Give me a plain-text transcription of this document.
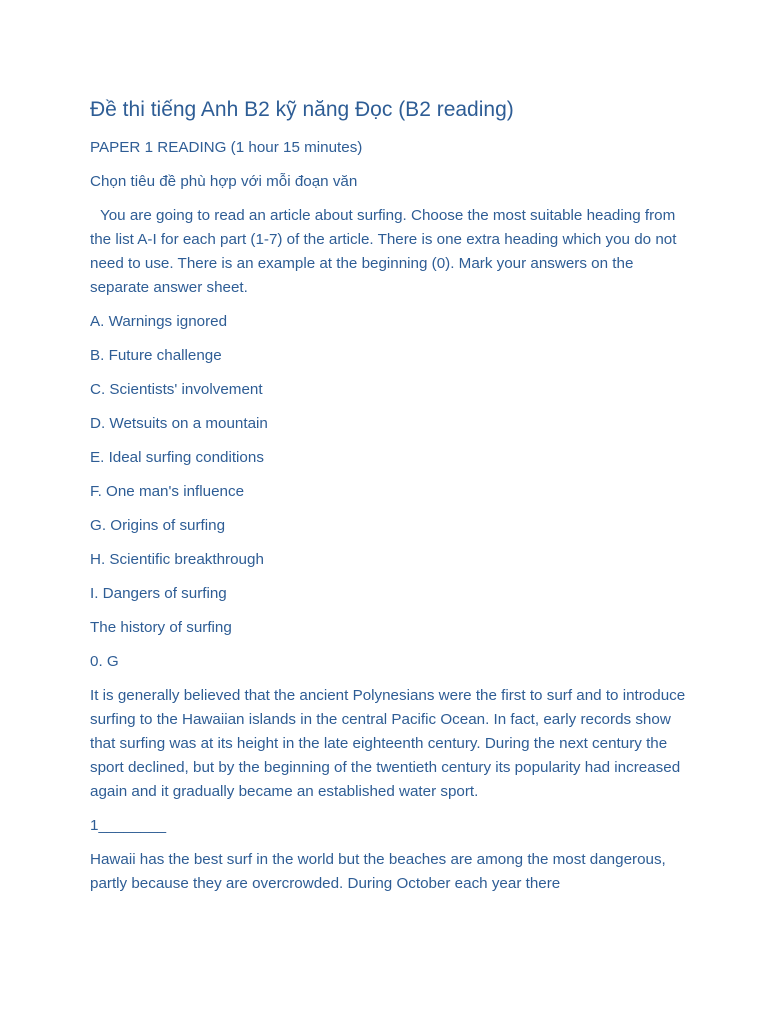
Đề thi tiếng Anh B2 kỹ năng Đọc (B2 reading)
PAPER 1 READING (1 hour 15 minutes)
Chọn tiêu đề phù hợp với mỗi đoạn văn
You are going to read an article about surfing. Choose the most suitable heading from the list A-I for each part (1-7) of the article. There is one extra heading which you do not need to use. There is an example at the beginning (0). Mark your answers on the separate answer sheet.
A. Warnings ignored
B. Future challenge
C. Scientists' involvement
D. Wetsuits on a mountain
E. Ideal surfing conditions
F. One man's influence
G. Origins of surfing
H. Scientific breakthrough
I. Dangers of surfing
The history of surfing
0. G
It is generally believed that the ancient Polynesians were the first to surf and to introduce surfing to the Hawaiian islands in the central Pacific Ocean. In fact, early records show that surfing was at its height in the late eighteenth century. During the next century the sport declined, but by the beginning of the twentieth century its popularity had increased again and it gradually became an established water sport.
1________
Hawaii has the best surf in the world but the beaches are among the most dangerous, partly because they are overcrowded. During October each year there
